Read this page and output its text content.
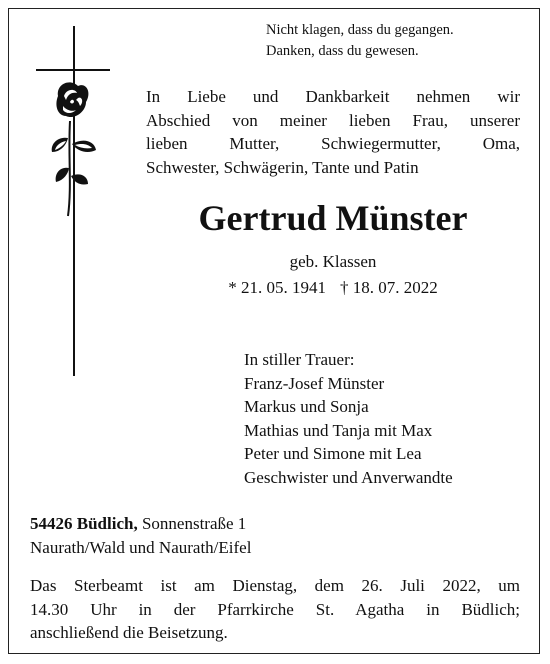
Nicht klagen, dass du gegangen.
Danken, dass du gewesen.
In Liebe und Dankbarkeit nehmen wir
Abschied von meiner lieben Frau, unserer
lieben Mutter, Schwiegermutter, Oma,
Schwester, Schwägerin, Tante und Patin
Gertrud Münster
geb. Klassen
* 21. 05. 1941 † 18. 07. 2022
In stiller Trauer:
Franz-Josef Münster
Markus und Sonja
Mathias und Tanja mit Max
Peter und Simone mit Lea
Geschwister und Anverwandte
54426 Büdlich, Sonnenstraße 1
Naurath/Wald und Naurath/Eifel
Das Sterbeamt ist am Dienstag, dem 26. Juli 2022, um
14.30 Uhr in der Pfarrkirche St. Agatha in Büdlich;
anschließend die Beisetzung.
